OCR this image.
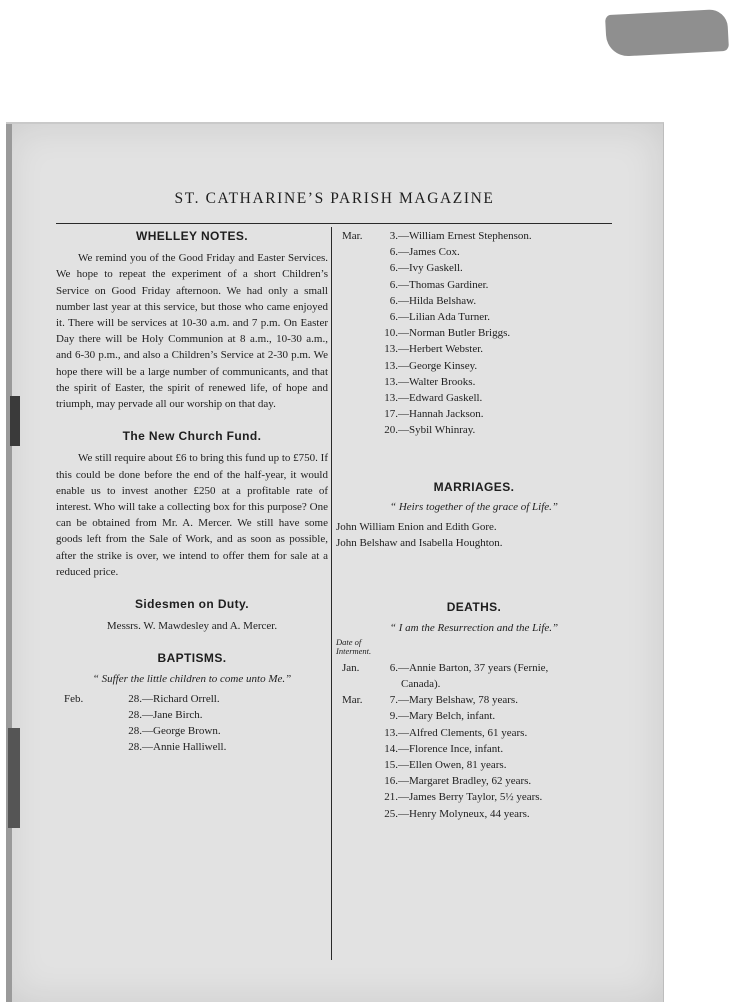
ST. CATHARINE’S PARISH MAGAZINE

WHELLEY NOTES.

We remind you of the Good Friday and Easter Services. We hope to repeat the experiment of a short Children’s Service on Good Friday afternoon. We had only a small number last year at this service, but those who came enjoyed it. There will be services at 10-30 a.m. and 7 p.m. On Easter Day there will be Holy Communion at 8 a.m., 10-30 a.m., and 6-30 p.m., and also a Children’s Service at 2-30 p.m. We hope there will be a large number of communicants, and that the spirit of Easter, the spirit of renewed life, of hope and triumph, may pervade all our worship on that day.

The New Church Fund.

We still require about £6 to bring this fund up to £750. If this could be done before the end of the half-year, it would enable us to invest another £250 at a profitable rate of interest. Who will take a collecting box for this purpose? One can be obtained from Mr. A. Mercer. We still have some goods left from the Sale of Work, and as soon as possible, after the strike is over, we intend to offer them for sale at a reduced price.

Sidesmen on Duty.

Messrs. W. Mawdesley and A. Mercer.

BAPTISMS.

“ Suffer the little children to come unto Me.”

Feb.	28.—Richard Orrell.

28.—Jane Birch.

28.—George Brown.

28.—Annie Halliwell.

Mar. 3.—William Ernest Stephenson.

6.—James Cox.

6.—Ivy Gaskell.

6.—Thomas Gardiner.

6.—Hilda Belshaw.

6.—Lilian Ada Turner.

10.—Norman Butler Briggs.

13.—Herbert Webster.

13.—George Kinsey.

13.—Walter Brooks.

13.—Edward Gaskell.

17.—Hannah Jackson.

20.—Sybil Whinray.

MARRIAGES.

“ Heirs together of the grace of Life.”

John William Enion and Edith Gore.

John Belshaw and Isabella Houghton.

DEATHS.

“ I am the Resurrection and the Life.”

Date of

Interment.

Jan.	6.—Annie Barton, 37 years (Fernie,

Canada).

Mar. 7.—Mary Belshaw, 78 years.

9.—Mary Belch, infant.

13.—Alfred Clements, 61 years.

14.—Florence Ince, infant.

15.—Ellen Owen, 81 years.

16.—Margaret Bradley, 62 years.

21.—James Berry Taylor, 5½ years.

25.—Henry Molyneux, 44 years.
